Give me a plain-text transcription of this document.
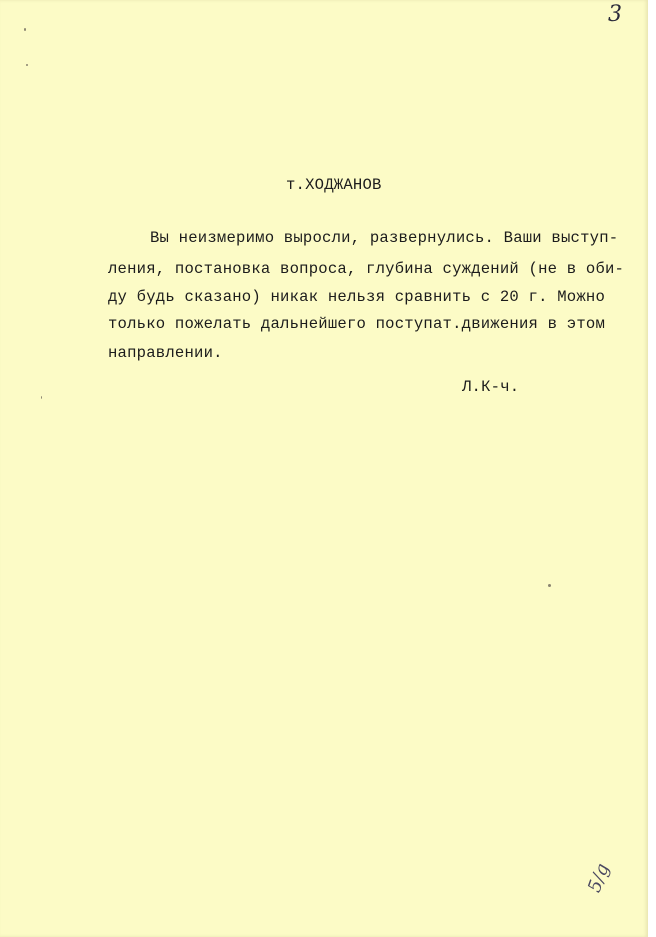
3
т.ХОДЖАНОВ
Вы неизмеримо выросли, развернулись. Ваши выступ-
ления, постановка вопроса, глубина суждений (не в оби-
ду будь сказано) никак нельзя сравнить с 20 г. Можно
только пожелать дальнейшего поступат.движения в этом
направлении.
Л.К-ч.
5/g
